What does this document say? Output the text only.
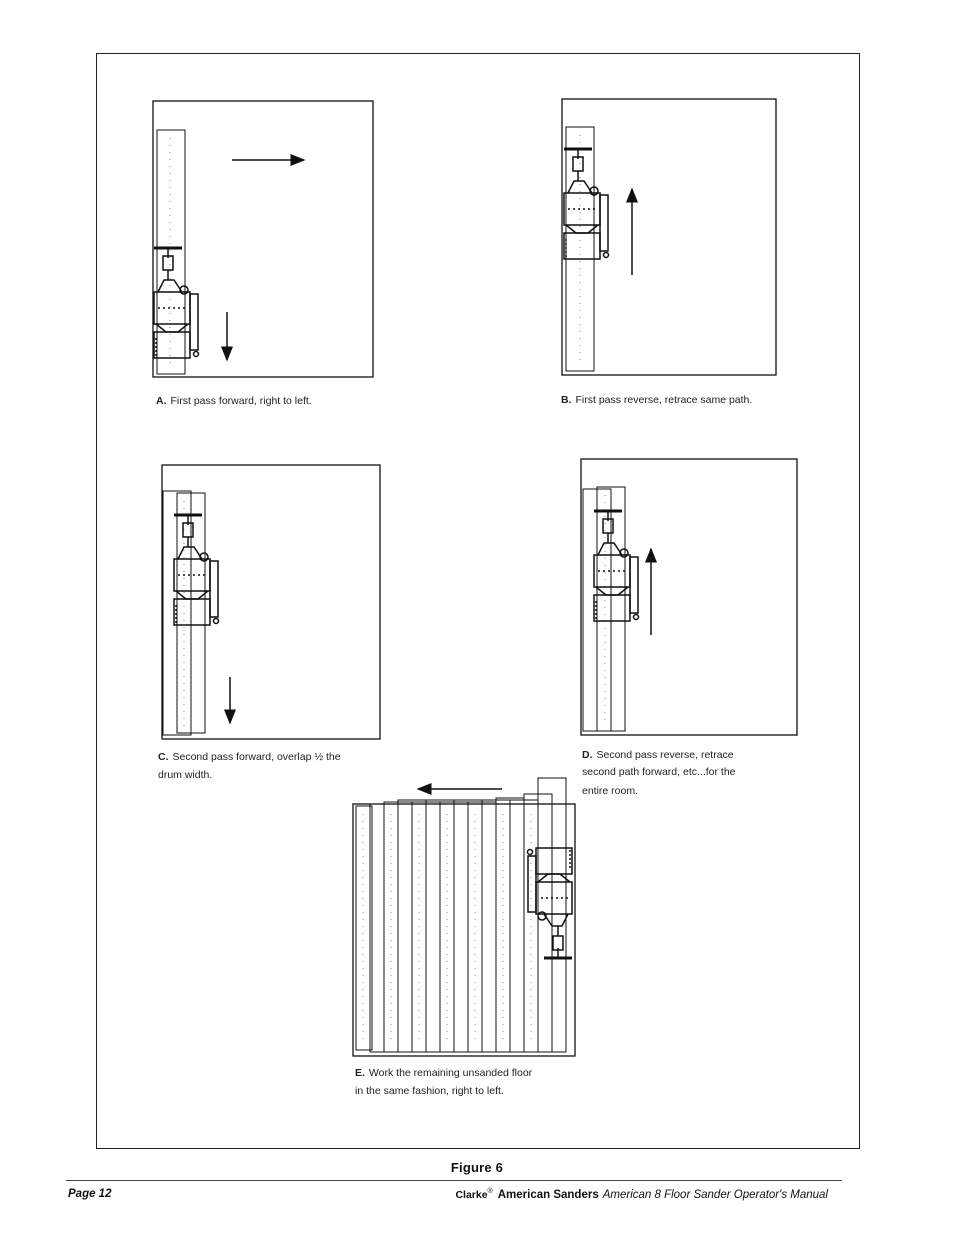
A. First pass forward, right to left.	B. First pass reverse, retrace same path.
C. Second pass forward, overlap ½ the
drum width.
D. Second pass reverse, retrace
second path forward, etc...for the
entire room.
E. Work the remaining unsanded floor
in the same fashion, right to left.
Figure 6
Page 12	Clarke® American Sanders American 8 Floor Sander Operator's Manual
